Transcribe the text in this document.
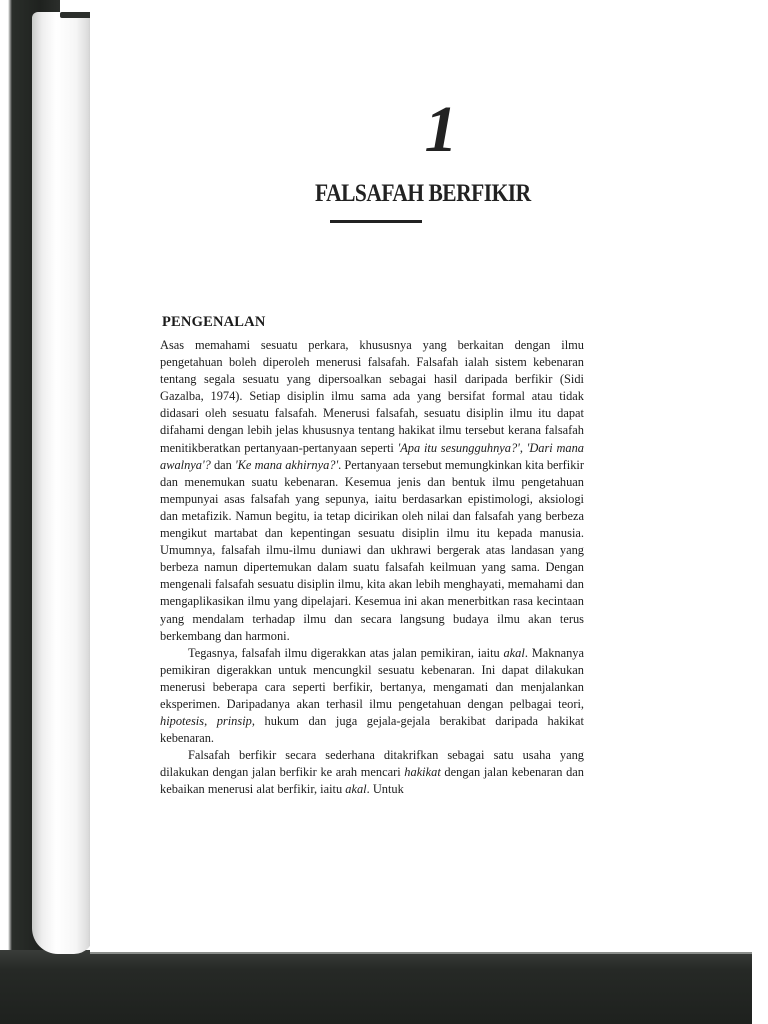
1
FALSAFAH BERFIKIR
PENGENALAN

Asas memahami sesuatu perkara, khususnya yang berkaitan dengan ilmu pengetahuan boleh diperoleh menerusi falsafah. Falsafah ialah sistem kebenaran tentang segala sesuatu yang dipersoalkan sebagai hasil daripada berfikir (Sidi Gazalba, 1974). Setiap disiplin ilmu sama ada yang bersifat formal atau tidak didasari oleh sesuatu falsafah. Menerusi falsafah, sesuatu disiplin ilmu itu dapat difahami dengan lebih jelas khususnya tentang hakikat ilmu tersebut kerana falsafah menitikberatkan pertanyaan-pertanyaan seperti 'Apa itu sesungguhnya?', 'Dari mana awalnya'? dan 'Ke mana akhirnya?'. Pertanyaan tersebut memungkinkan kita berfikir dan menemukan suatu kebenaran. Kesemua jenis dan bentuk ilmu pengetahuan mempunyai asas falsafah yang sepunya, iaitu berdasarkan epistimologi, aksiologi dan metafizik. Namun begitu, ia tetap dicirikan oleh nilai dan falsafah yang berbeza mengikut martabat dan kepentingan sesuatu disiplin ilmu itu kepada manusia. Umumnya, falsafah ilmu-ilmu duniawi dan ukhrawi bergerak atas landasan yang berbeza namun dipertemukan dalam suatu falsafah keilmuan yang sama. Dengan mengenali falsafah sesuatu disiplin ilmu, kita akan lebih menghayati, memahami dan mengaplikasikan ilmu yang dipelajari. Kesemua ini akan menerbitkan rasa kecintaan yang mendalam terhadap ilmu dan secara langsung budaya ilmu akan terus berkembang dan harmoni.

Tegasnya, falsafah ilmu digerakkan atas jalan pemikiran, iaitu akal. Maknanya pemikiran digerakkan untuk mencungkil sesuatu kebenaran. Ini dapat dilakukan menerusi beberapa cara seperti berfikir, bertanya, mengamati dan menjalankan eksperimen. Daripadanya akan terhasil ilmu pengetahuan dengan pelbagai teori, hipotesis, prinsip, hukum dan juga gejala-gejala berakibat daripada hakikat kebenaran.

Falsafah berfikir secara sederhana ditakrifkan sebagai satu usaha yang dilakukan dengan jalan berfikir ke arah mencari hakikat dengan jalan kebenaran dan kebaikan menerusi alat berfikir, iaitu akal. Untuk
